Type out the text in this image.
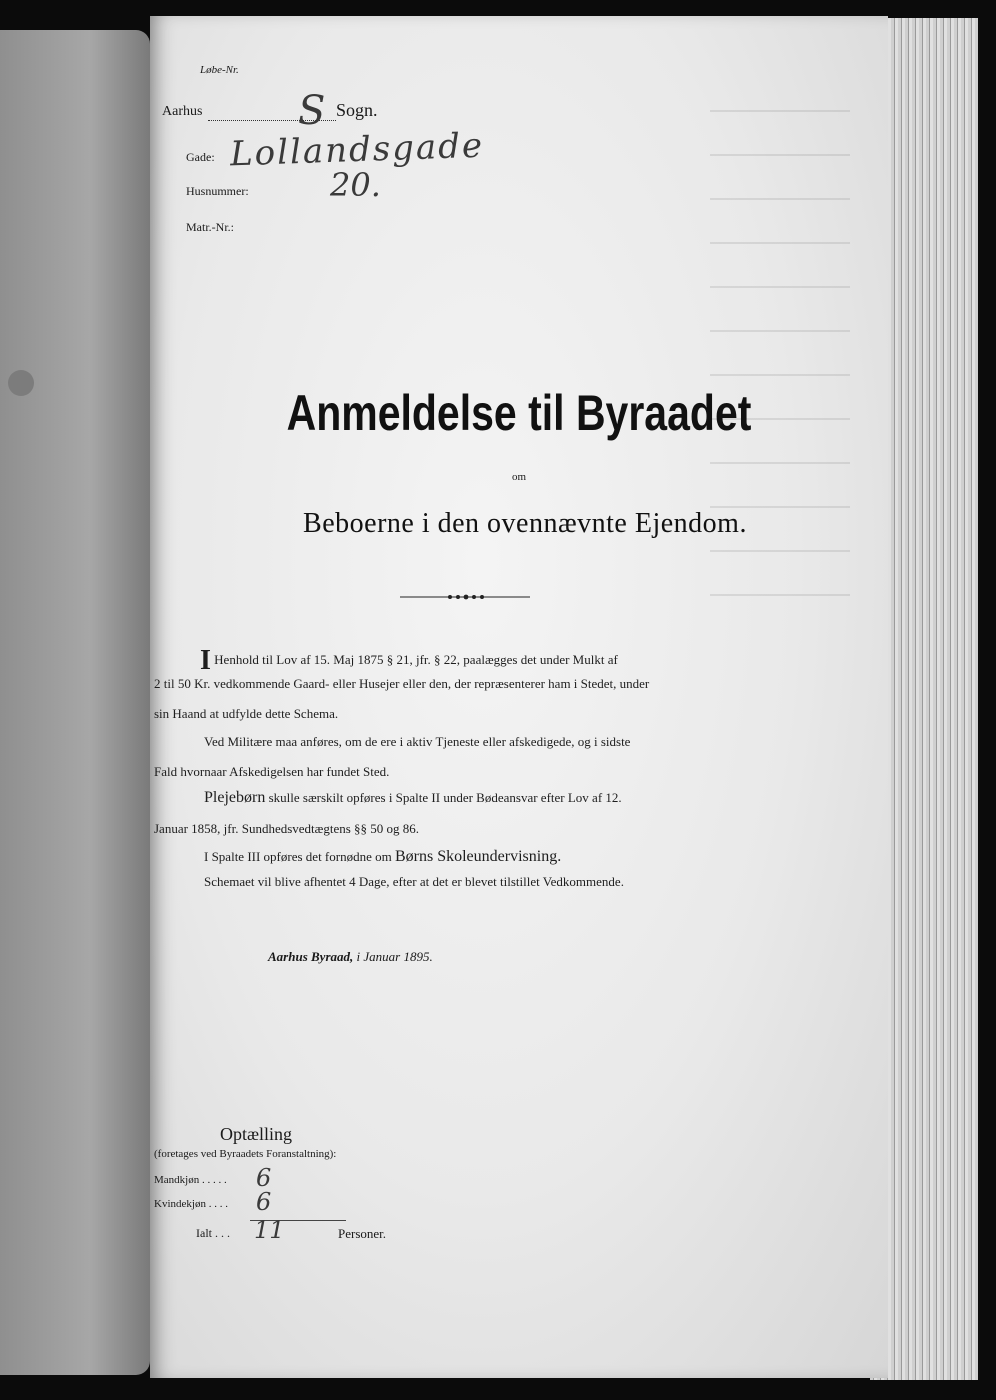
Løbe-Nr.
Aarhus S Sogn.
Gade: Lollandsgade
Husnummer:	20.
Matr.-Nr.:
Anmeldelse til Byraadet
om
Beboerne i den ovennævnte Ejendom.
I Henhold til Lov af 15. Maj 1875 § 21, jfr. § 22, paalægges det under Mulkt af
2 til 50 Kr. vedkommende Gaard- eller Husejer eller den, der repræsenterer ham i Stedet, under
sin Haand at udfylde dette Schema.
Ved Militære maa anføres, om de ere i aktiv Tjeneste eller afskedigede, og i sidste
Fald hvornaar Afskedigelsen har fundet Sted.
Plejebørn skulle særskilt opføres i Spalte II under Bødeansvar efter Lov af 12.
Januar 1858, jfr. Sundhedsvedtægtens §§ 50 og 86.
I Spalte III opføres det fornødne om Børns Skoleundervisning.
Schemaet vil blive afhentet 4 Dage, efter at det er blevet tilstillet Vedkommende.
Aarhus Byraad, i Januar 1895.
Optælling
(foretages ved Byraadets Foranstaltning):
Mandkjøn . . . . . 6
Kvindekjøn . . . . 6
Ialt . . . 11	Personer.
